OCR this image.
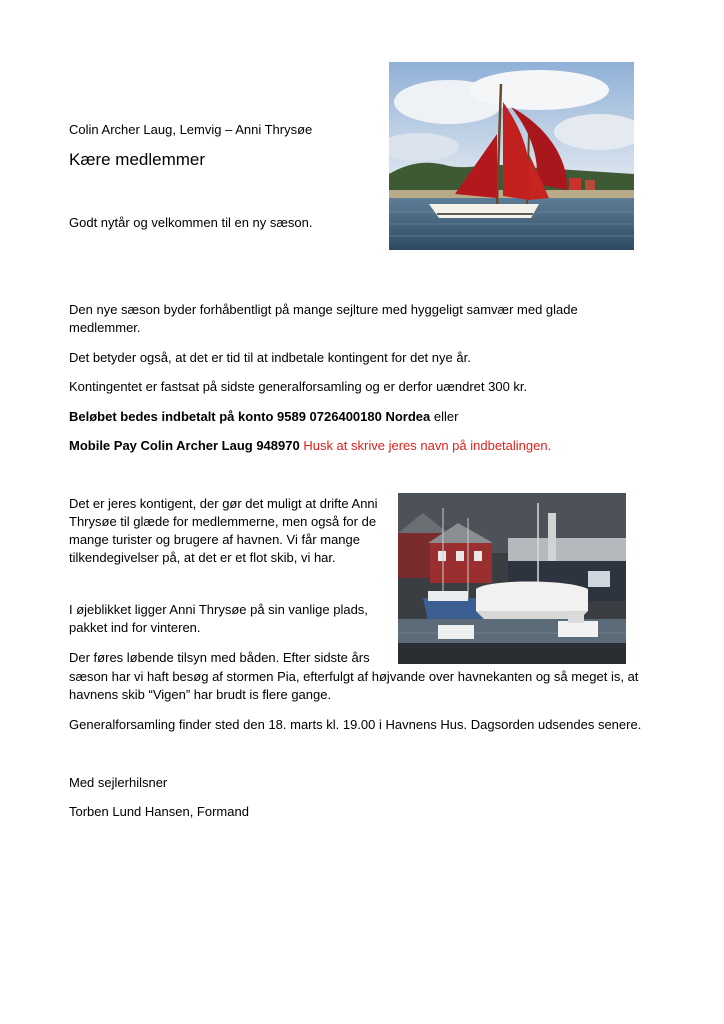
Colin Archer Laug, Lemvig – Anni Thrysøe

Kære medlemmer

Godt nytår og velkommen til en ny sæson.

Den nye sæson byder forhåbentligt på mange sejlture med hyggeligt samvær med glade medlemmer.

Det betyder også, at det er tid til at indbetale kontingent for det nye år.

Kontingentet er fastsat på sidste generalforsamling og er derfor uændret 300 kr.

Beløbet bedes indbetalt på konto 9589 0726400180 Nordea eller

Mobile Pay Colin Archer Laug 948970 Husk at skrive jeres navn på indbetalingen.

Det er jeres kontigent, der gør det muligt at drifte Anni Thrysøe til glæde for medlemmerne, men også for de mange turister og brugere af havnen. Vi får mange tilkendegivelser på, at det er et flot skib, vi har.

I øjeblikket ligger Anni Thrysøe på sin vanlige plads, pakket ind for vinteren.

Der føres løbende tilsyn med båden. Efter sidste års

sæson har vi haft besøg af stormen Pia, efterfulgt af højvande over havnekanten og så meget is, at havnens skib “Vigen” har brudt is flere gange.

Generalforsamling finder sted den 18. marts kl. 19.00 i Havnens Hus. Dagsorden udsendes senere.

Med sejlerhilsner

Torben Lund Hansen, Formand
